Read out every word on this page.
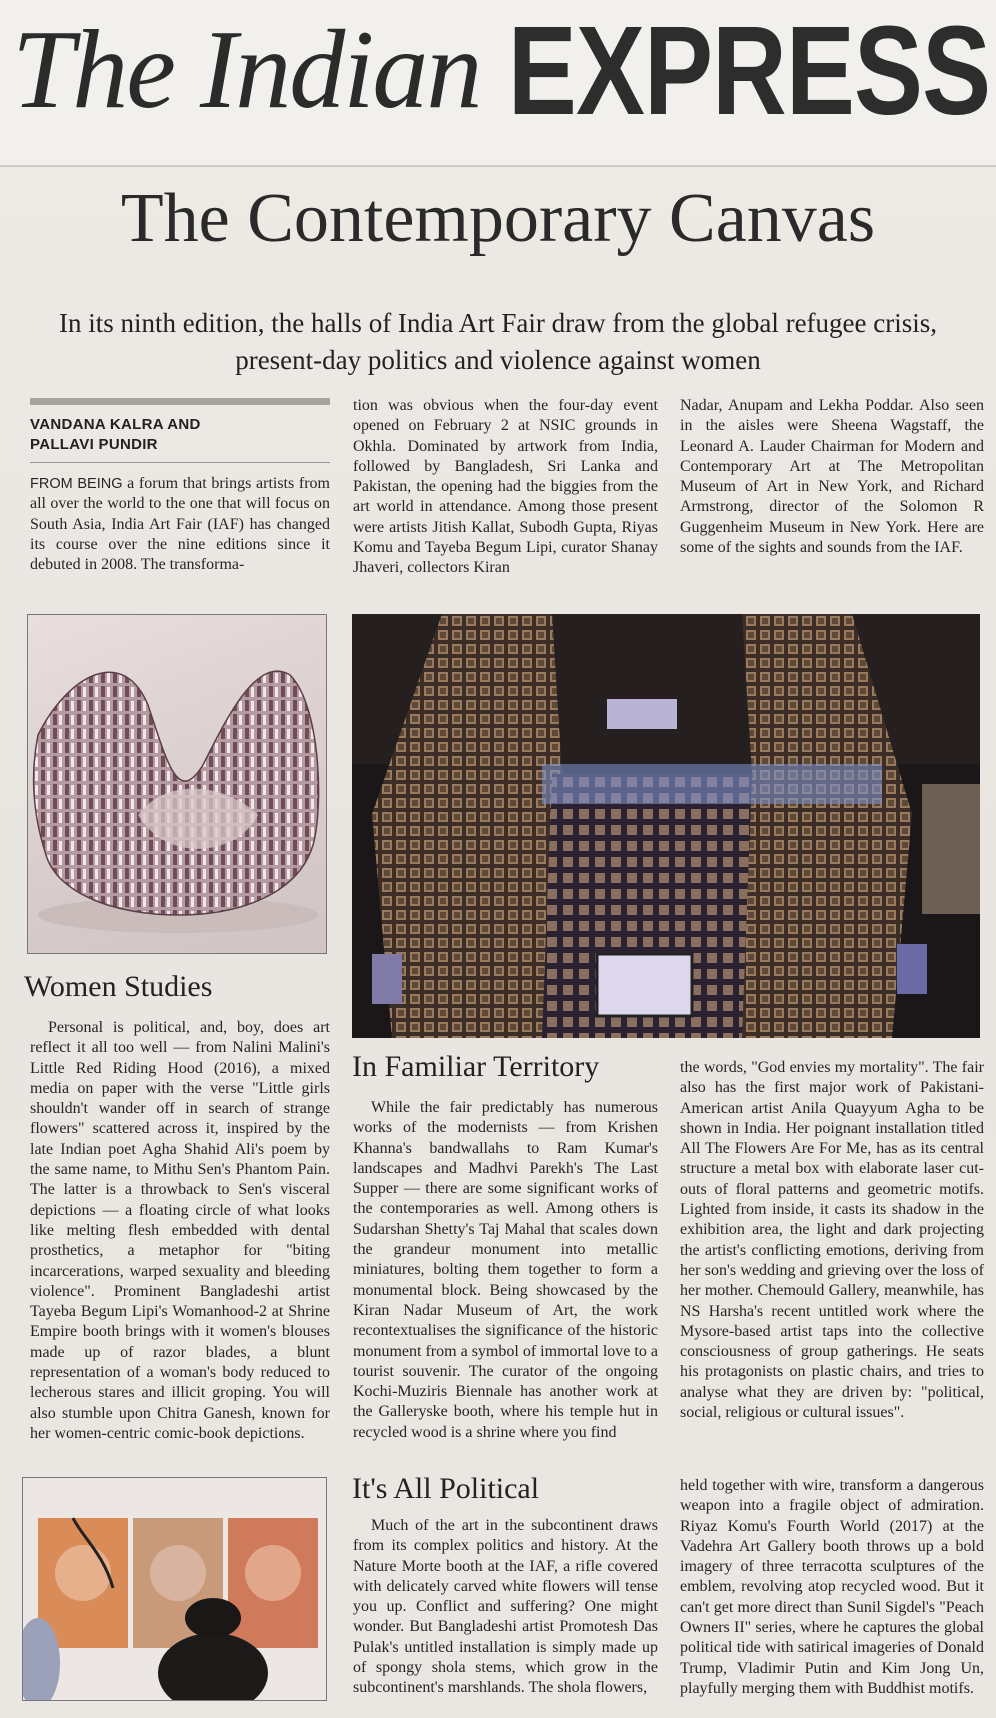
The Indian EXPRESS
The Contemporary Canvas
In its ninth edition, the halls of India Art Fair draw from the global refugee crisis, present-day politics and violence against women
VANDANA KALRA AND
PALLAVI PUNDIR

FROM BEING a forum that brings artists from all over the world to the one that will focus on South Asia, India Art Fair (IAF) has changed its course over the nine editions since it debuted in 2008. The transforma-

tion was obvious when the four-day event opened on February 2 at NSIC grounds in Okhla. Dominated by artwork from India, followed by Bangladesh, Sri Lanka and Pakistan, the opening had the biggies from the art world in attendance. Among those present were artists Jitish Kallat, Subodh Gupta, Riyas Komu and Tayeba Begum Lipi, curator Shanay Jhaveri, collectors Kiran

Nadar, Anupam and Lekha Poddar. Also seen in the aisles were Sheena Wagstaff, the Leonard A. Lauder Chairman for Modern and Contemporary Art at The Metropolitan Museum of Art in New York, and Richard Armstrong, director of the Solomon R Guggenheim Museum in New York. Here are some of the sights and sounds from the IAF.

Women Studies

Personal is political, and, boy, does art reflect it all too well — from Nalini Malini's Little Red Riding Hood (2016), a mixed media on paper with the verse "Little girls shouldn't wander off in search of strange flowers" scattered across it, inspired by the late Indian poet Agha Shahid Ali's poem by the same name, to Mithu Sen's Phantom Pain. The latter is a throwback to Sen's visceral depictions — a floating circle of what looks like melting flesh embedded with dental prosthetics, a metaphor for "biting incarcerations, warped sexuality and bleeding violence". Prominent Bangladeshi artist Tayeba Begum Lipi's Womanhood-2 at Shrine Empire booth brings with it women's blouses made up of razor blades, a blunt representation of a woman's body reduced to lecherous stares and illicit groping. You will also stumble upon Chitra Ganesh, known for her women-centric comic-book depictions.

In Familiar Territory

While the fair predictably has numerous works of the modernists — from Krishen Khanna's bandwallahs to Ram Kumar's landscapes and Madhvi Parekh's The Last Supper — there are some significant works of the contemporaries as well. Among others is Sudarshan Shetty's Taj Mahal that scales down the grandeur monument into metallic miniatures, bolting them together to form a monumental block. Being showcased by the Kiran Nadar Museum of Art, the work recontextualises the significance of the historic monument from a symbol of immortal love to a tourist souvenir. The curator of the ongoing Kochi-Muziris Biennale has another work at the Galleryske booth, where his temple hut in recycled wood is a shrine where you find

the words, "God envies my mortality". The fair also has the first major work of Pakistani-American artist Anila Quayyum Agha to be shown in India. Her poignant installation titled All The Flowers Are For Me, has as its central structure a metal box with elaborate laser cut-outs of floral patterns and geometric motifs. Lighted from inside, it casts its shadow in the exhibition area, the light and dark projecting the artist's conflicting emotions, deriving from her son's wedding and grieving over the loss of her mother. Chemould Gallery, meanwhile, has NS Harsha's recent untitled work where the Mysore-based artist taps into the collective consciousness of group gatherings. He seats his protagonists on plastic chairs, and tries to analyse what they are driven by: "political, social, religious or cultural issues".

It's All Political

Much of the art in the subcontinent draws from its complex politics and history. At the Nature Morte booth at the IAF, a rifle covered with delicately carved white flowers will tense you up. Conflict and suffering? One might wonder. But Bangladeshi artist Promotesh Das Pulak's untitled installation is simply made up of spongy shola stems, which grow in the subcontinent's marshlands. The shola flowers,

held together with wire, transform a dangerous weapon into a fragile object of admiration. Riyaz Komu's Fourth World (2017) at the Vadehra Art Gallery booth throws up a bold imagery of three terracotta sculptures of the emblem, revolving atop recycled wood. But it can't get more direct than Sunil Sigdel's "Peach Owners II" series, where he captures the global political tide with satirical imageries of Donald Trump, Vladimir Putin and Kim Jong Un, playfully merging them with Buddhist motifs.
